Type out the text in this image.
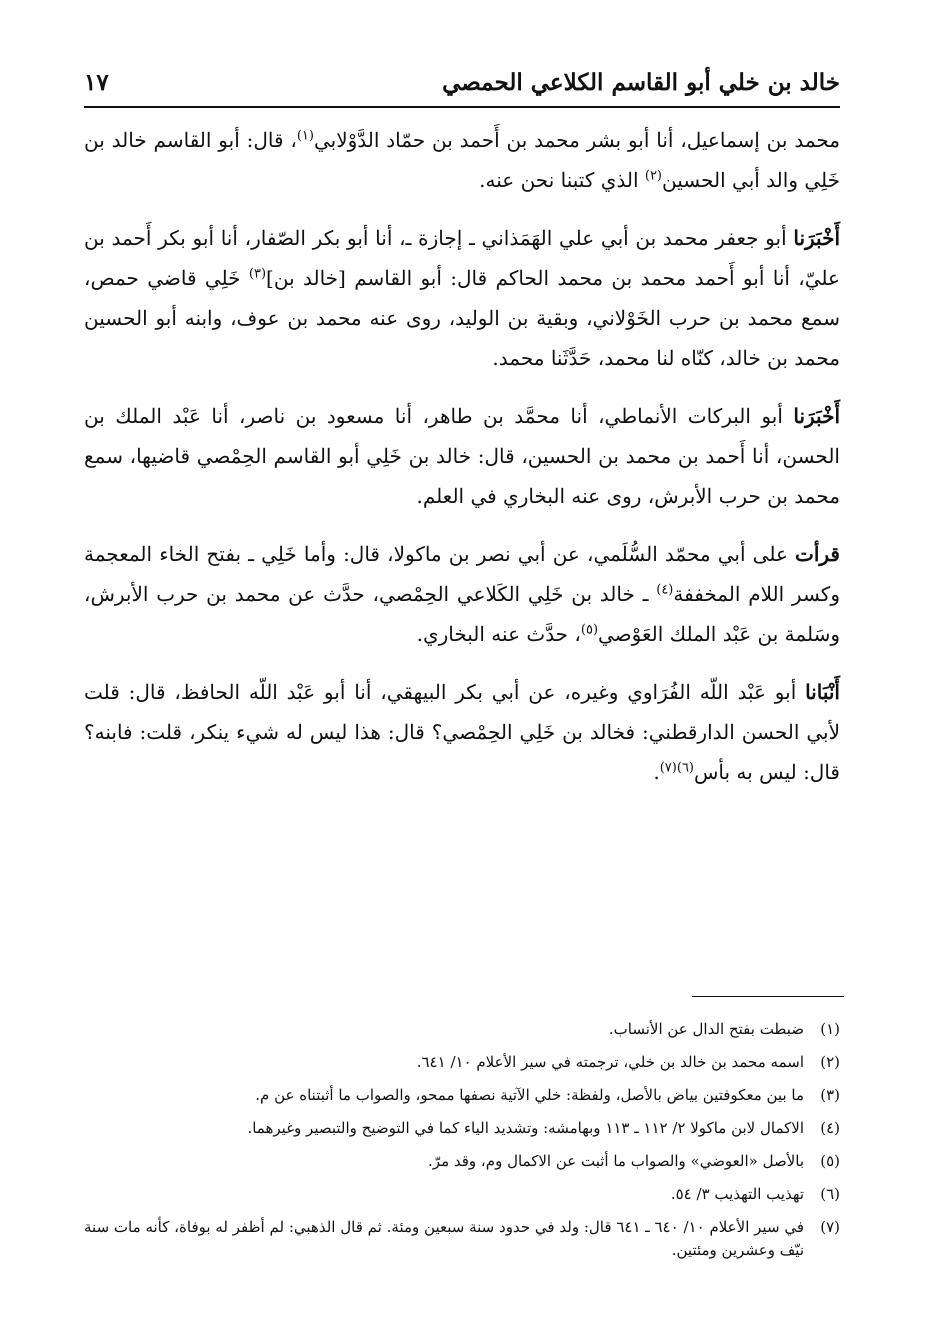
خالد بن خلي أبو القاسم الكلاعي الحمصي
١٧

محمد بن إسماعيل، أنا أبو بشر محمد بن أَحمد بن حمّاد الدَّوْلابي$^{(١)}$، قال: أبو القاسم خالد بن خَلِي والد أبي الحسين$^{(٢)}$ الذي كتبنا نحن عنه.

أَخْبَرَنا أبو جعفر محمد بن أبي علي الهَمَذاني ـ إجازة ـ، أنا أبو بكر الصّفار، أنا أبو بكر أَحمد بن عليّ، أنا أبو أَحمد محمد بن محمد الحاكم قال: أبو القاسم [خالد بن]$^{(٣)}$ خَلِي قاضي حمص، سمع محمد بن حرب الخَوْلاني، وبقية بن الوليد، روى عنه محمد بن عوف، وابنه أبو الحسين محمد بن خالد، كنّاه لنا محمد، حَدَّثَنا محمد.

أَخْبَرَنا أبو البركات الأنماطي، أنا محمَّد بن طاهر، أنا مسعود بن ناصر، أنا عَبْد الملك بن الحسن، أنا أَحمد بن محمد بن الحسين، قال: خالد بن خَلِي أبو القاسم الحِمْصي قاضيها، سمع محمد بن حرب الأبرش، روى عنه البخاري في العلم.

قرأت على أبي محمّد السُّلَمي، عن أبي نصر بن ماكولا، قال: وأما خَلِي ـ بفتح الخاء المعجمة وكسر اللام المخففة$^{(٤)}$ ـ خالد بن خَلِي الكَلاعي الحِمْصي، حدَّث عن محمد بن حرب الأبرش، وسَلمة بن عَبْد الملك العَوْصي$^{(٥)}$، حدَّث عنه البخاري.

أَنْبَانا أبو عَبْد اللّه الفُرَاوي وغيره، عن أبي بكر البيهقي، أنا أبو عَبْد اللّه الحافظ، قال: قلت لأبي الحسن الدارقطني: فخالد بن خَلِي الحِمْصي؟ قال: هذا ليس له شيء ينكر، قلت: فابنه؟ قال: ليس به بأس$^{(٦)(٧)}$.

(١)
ضبطت بفتح الدال عن الأنساب.
(٢)
اسمه محمد بن خالد بن خلي، ترجمته في سير الأعلام ١٠/ ٦٤١.
(٣)
ما بين معكوفتين بياض بالأصل، ولفظة: خلي الآتية نصفها ممحو، والصواب ما أثبتناه عن م.
(٤)
الاكمال لابن ماكولا ٢/ ١١٢ ـ ١١٣ وبهامشه: وتشديد الياء كما في التوضيح والتبصير وغيرهما.
(٥)
بالأصل «العوضي» والصواب ما أثبت عن الاكمال وم، وقد مرّ.
(٦)
تهذيب التهذيب ٣/ ٥٤.
(٧)
في سير الأعلام ١٠/ ٦٤٠ ـ ٦٤١ قال: ولد في حدود سنة سبعين ومئة. ثم قال الذهبي: لم أظفر له بوفاة، كأنه مات سنة نيّف وعشرين ومئتين.
